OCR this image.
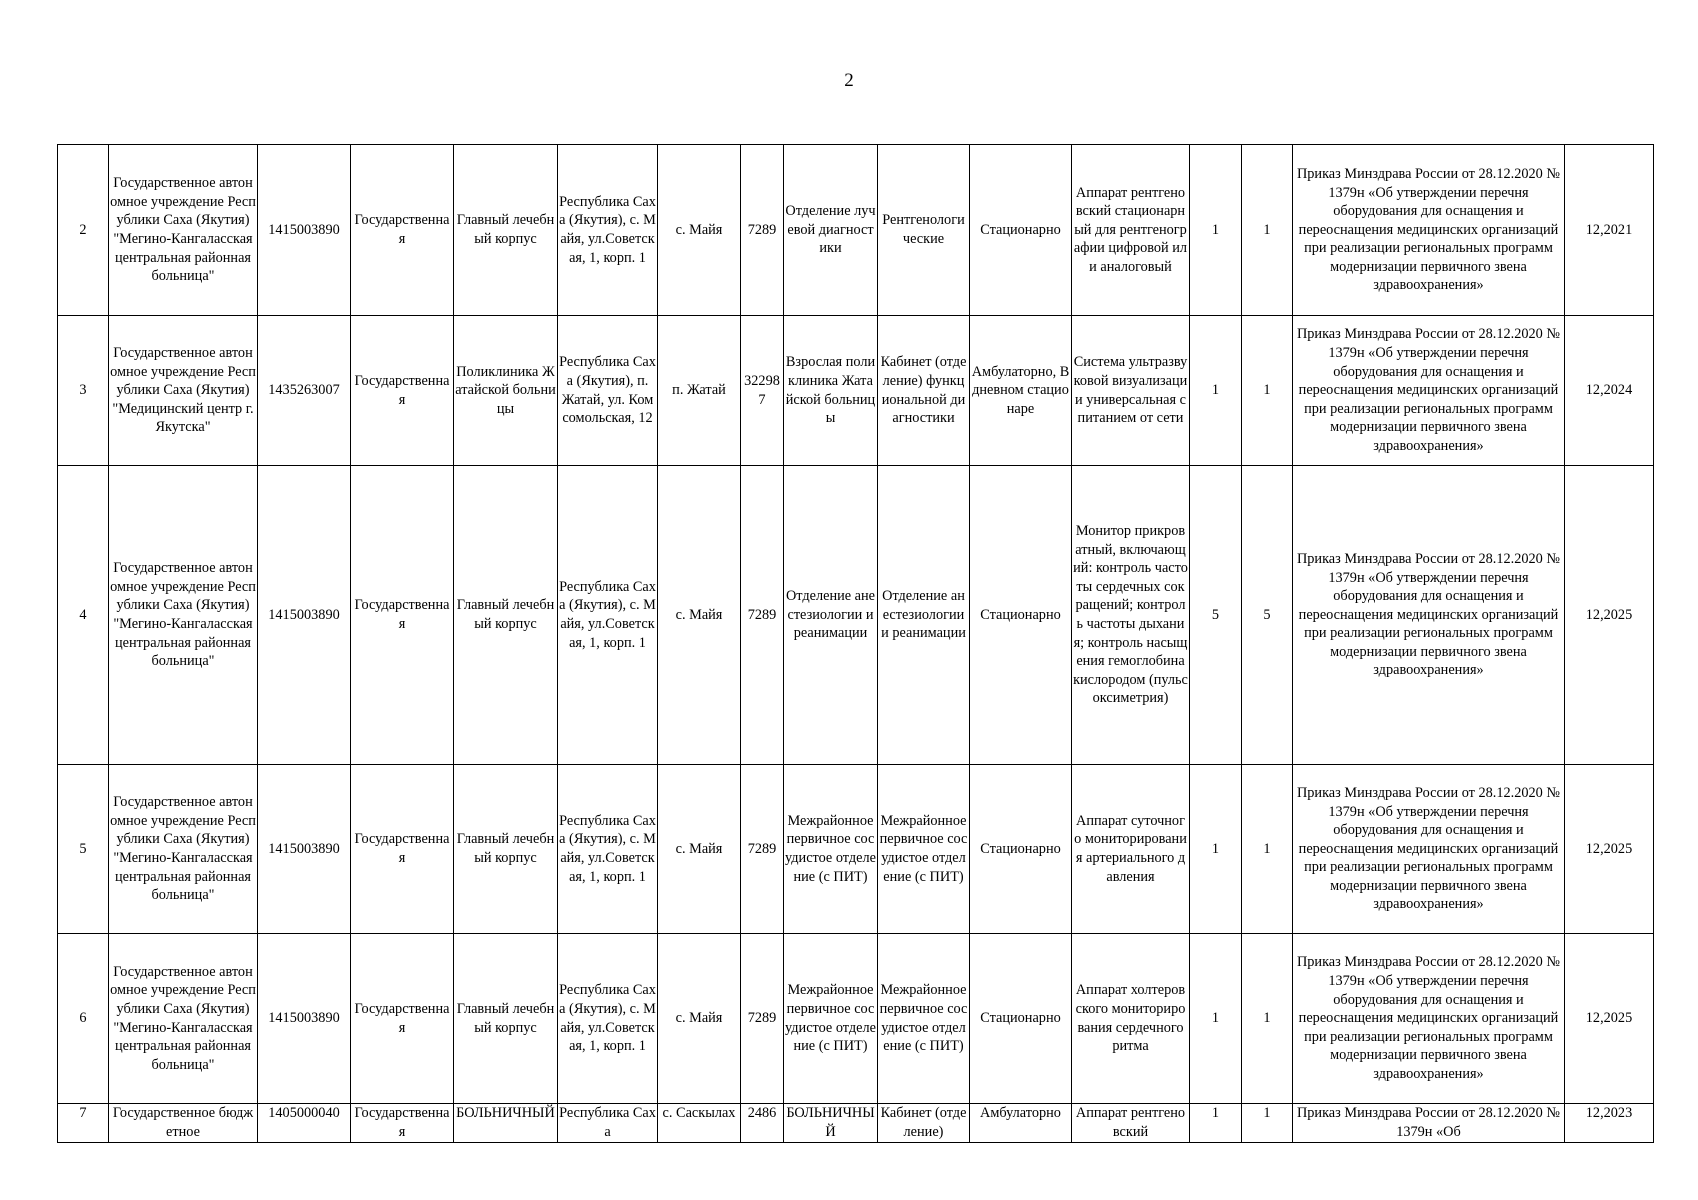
2
2	Государственное автономное учреждение Республики Саха (Якутия) "Мегино-Кангаласская центральная районная больница"	1415003890	Государственная	Главный лечебный корпус	Республика Саха (Якутия), с. Майя, ул.Советская, 1, корп. 1	с. Майя	7289	Отделение лучевой диагностики	Рентгенологические	Стационарно	Аппарат рентгеновский стационарный для рентгенографии цифровой или аналоговый	1	1	Приказ Минздрава России от 28.12.2020 № 1379н «Об утверждении перечня оборудования для оснащения и переоснащения медицинских организаций при реализации региональных программ модернизации первичного звена здравоохранения»	12,2021
3	Государственное автономное учреждение Республики Саха (Якутия) "Медицинский центр г.Якутска"	1435263007	Государственная	Поликлиника Жатайской больницы	Республика Саха (Якутия), п. Жатай, ул. Комсомольская, 12	п. Жатай	322987	Взрослая поликлиника Жатайской больницы	Кабинет (отделение) функциональной диагностики	Амбулаторно, В дневном стационаре	Система ультразвуковой визуализации универсальная с питанием от сети	1	1	Приказ Минздрава России от 28.12.2020 № 1379н «Об утверждении перечня оборудования для оснащения и переоснащения медицинских организаций при реализации региональных программ модернизации первичного звена здравоохранения»	12,2024
4	Государственное автономное учреждение Республики Саха (Якутия) "Мегино-Кангаласская центральная районная больница"	1415003890	Государственная	Главный лечебный корпус	Республика Саха (Якутия), с. Майя, ул.Советская, 1, корп. 1	с. Майя	7289	Отделение анестезиологии и реанимации	Отделение анестезиологии и реанимации	Стационарно	Монитор прикроватный, включающий: контроль частоты сердечных сокращений; контроль частоты дыхания; контроль насыщения гемоглобина кислородом (пульсоксиметрия)	5	5	Приказ Минздрава России от 28.12.2020 № 1379н «Об утверждении перечня оборудования для оснащения и переоснащения медицинских организаций при реализации региональных программ модернизации первичного звена здравоохранения»	12,2025
5	Государственное автономное учреждение Республики Саха (Якутия) "Мегино-Кангаласская центральная районная больница"	1415003890	Государственная	Главный лечебный корпус	Республика Саха (Якутия), с. Майя, ул.Советская, 1, корп. 1	с. Майя	7289	Межрайонное первичное сосудистое отделение (с ПИТ)	Межрайонное первичное сосудистое отделение (с ПИТ)	Стационарно	Аппарат суточного мониторирования артериального давления	1	1	Приказ Минздрава России от 28.12.2020 № 1379н «Об утверждении перечня оборудования для оснащения и переоснащения медицинских организаций при реализации региональных программ модернизации первичного звена здравоохранения»	12,2025
6	Государственное автономное учреждение Республики Саха (Якутия) "Мегино-Кангаласская центральная районная больница"	1415003890	Государственная	Главный лечебный корпус	Республика Саха (Якутия), с. Майя, ул.Советская, 1, корп. 1	с. Майя	7289	Межрайонное первичное сосудистое отделение (с ПИТ)	Межрайонное первичное сосудистое отделение (с ПИТ)	Стационарно	Аппарат холтеровского мониторирования сердечного ритма	1	1	Приказ Минздрава России от 28.12.2020 № 1379н «Об утверждении перечня оборудования для оснащения и переоснащения медицинских организаций при реализации региональных программ модернизации первичного звена здравоохранения»	12,2025
7	Государственное бюджетное	1405000040	Государственная	БОЛЬНИЧНЫЙ	Республика Саха	с. Саскылах	2486	БОЛЬНИЧНЫЙ	Кабинет (отделение)	Амбулаторно	Аппарат рентгеновский	1	1	Приказ Минздрава России от 28.12.2020 № 1379н «Об	12,2023
